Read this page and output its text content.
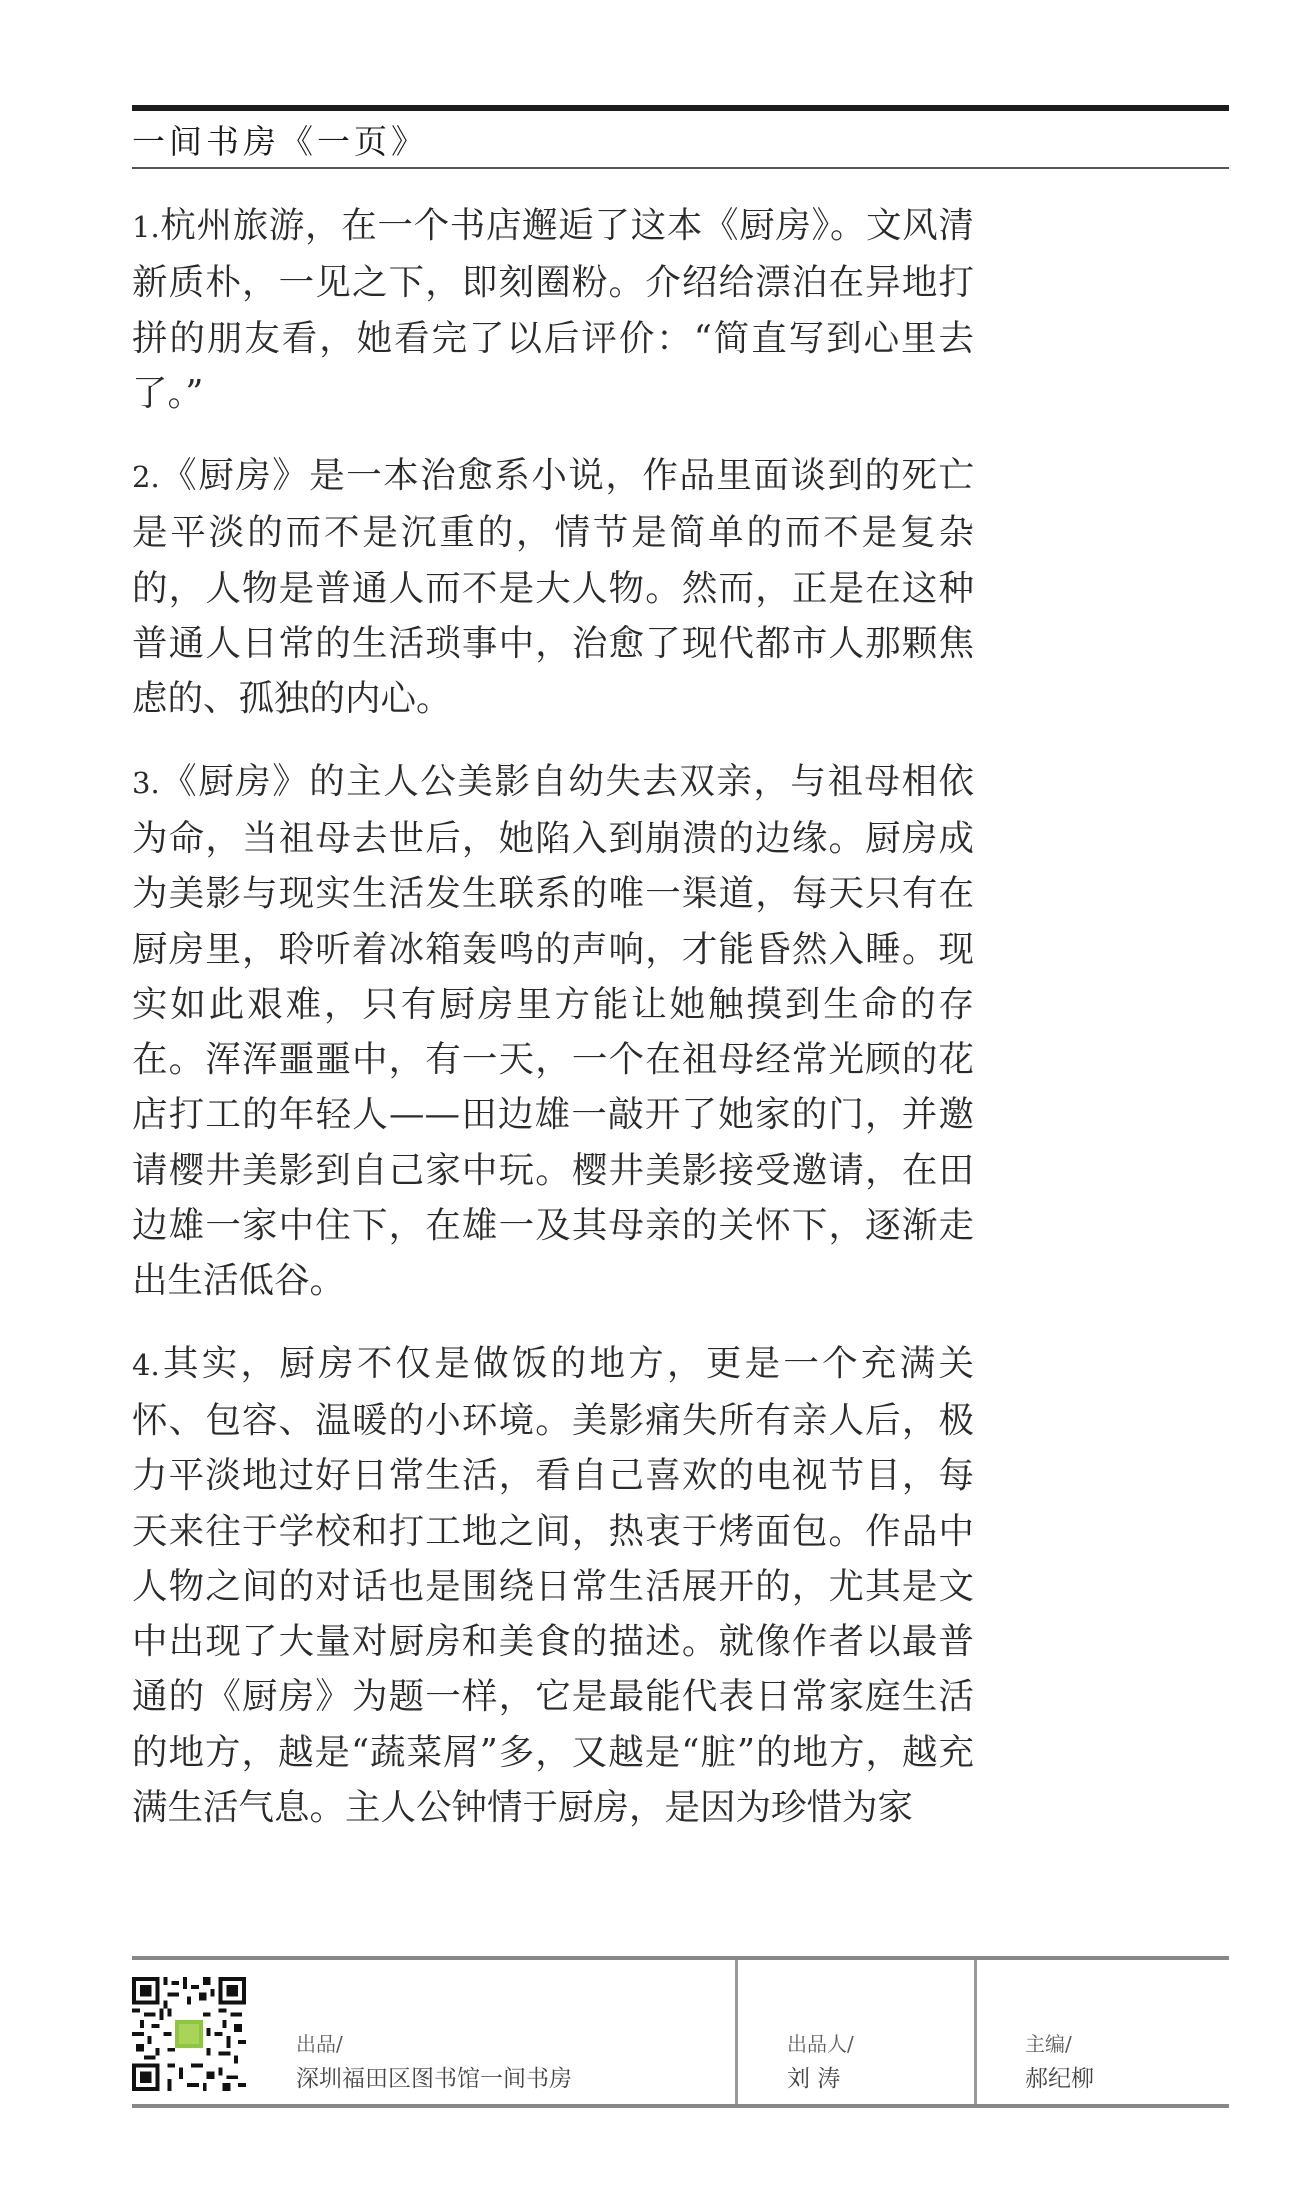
一间书房《一页》

1.杭州旅游，在一个书店邂逅了这本《厨房》。文风清新质朴，一见之下，即刻圈粉。介绍给漂泊在异地打拼的朋友看，她看完了以后评价：“简直写到心里去了。”

2.《厨房》是一本治愈系小说，作品里面谈到的死亡是平淡的而不是沉重的，情节是简单的而不是复杂的，人物是普通人而不是大人物。然而，正是在这种普通人日常的生活琐事中，治愈了现代都市人那颗焦虑的、孤独的内心。

3.《厨房》的主人公美影自幼失去双亲，与祖母相依为命，当祖母去世后，她陷入到崩溃的边缘。厨房成为美影与现实生活发生联系的唯一渠道，每天只有在厨房里，聆听着冰箱轰鸣的声响，才能昏然入睡。现实如此艰难，只有厨房里方能让她触摸到生命的存在。浑浑噩噩中，有一天，一个在祖母经常光顾的花店打工的年轻人——田边雄一敲开了她家的门，并邀请樱井美影到自己家中玩。樱井美影接受邀请，在田边雄一家中住下，在雄一及其母亲的关怀下，逐渐走出生活低谷。

4.其实，厨房不仅是做饭的地方，更是一个充满关怀、包容、温暖的小环境。美影痛失所有亲人后，极力平淡地过好日常生活，看自己喜欢的电视节目，每天来往于学校和打工地之间，热衷于烤面包。作品中人物之间的对话也是围绕日常生活展开的，尤其是文中出现了大量对厨房和美食的描述。就像作者以最普通的《厨房》为题一样，它是最能代表日常家庭生活的地方，越是“蔬菜屑”多，又越是“脏”的地方，越充满生活气息。主人公钟情于厨房，是因为珍惜为家

出品/
深圳福田区图书馆一间书房
出品人/
刘 涛
主编/
郝纪柳
